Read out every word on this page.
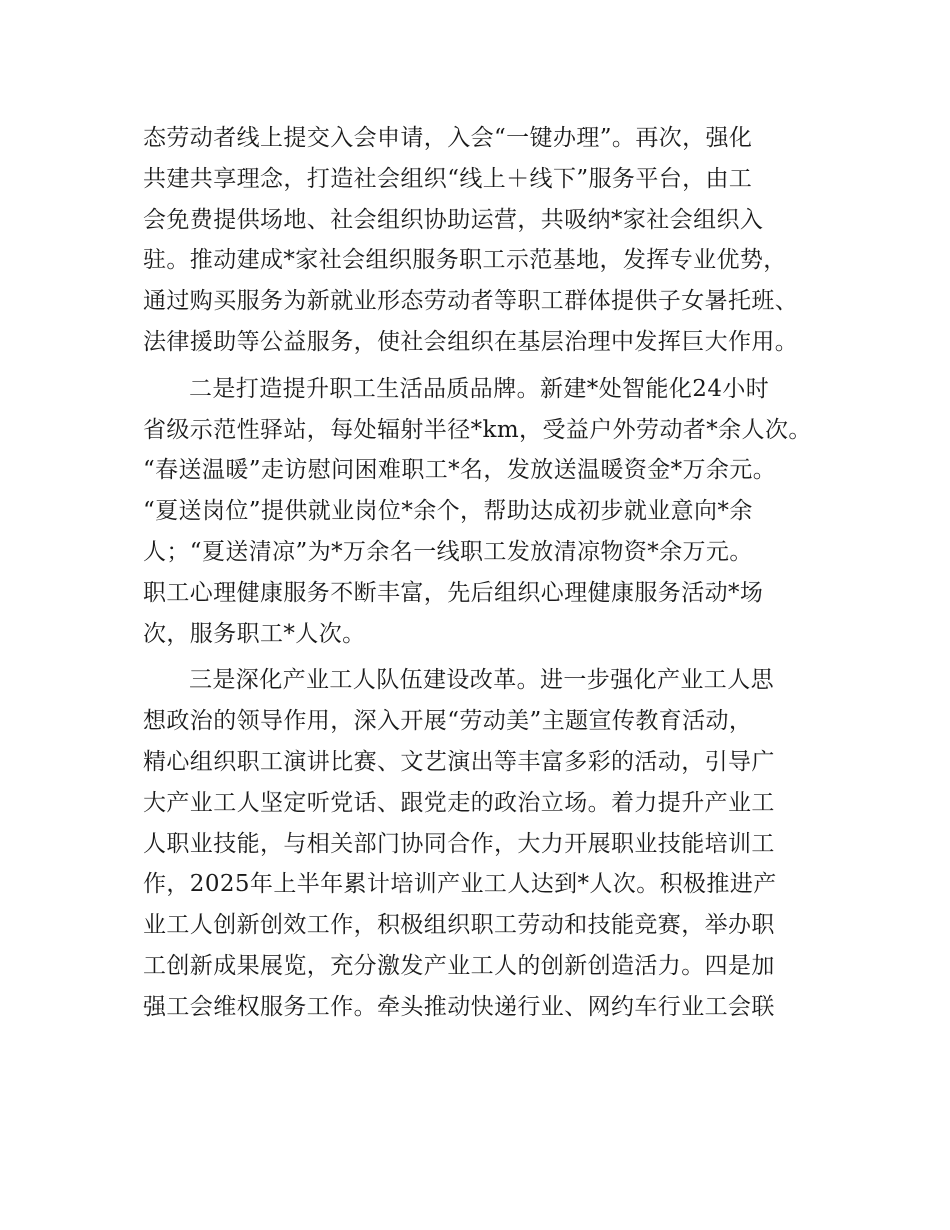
态劳动者线上提交入会申请，入会“一键办理”。再次，强化
共建共享理念，打造社会组织“线上＋线下”服务平台，由工
会免费提供场地、社会组织协助运营，共吸纳*家社会组织入
驻。推动建成*家社会组织服务职工示范基地，发挥专业优势，
通过购买服务为新就业形态劳动者等职工群体提供子女暑托班、
法律援助等公益服务，使社会组织在基层治理中发挥巨大作用。
二是打造提升职工生活品质品牌。新建*处智能化24小时
省级示范性驿站，每处辐射半径*km，受益户外劳动者*余人次。
“春送温暖”走访慰问困难职工*名，发放送温暖资金*万余元。
“夏送岗位”提供就业岗位*余个，帮助达成初步就业意向*余
人；“夏送清凉”为*万余名一线职工发放清凉物资*余万元。
职工心理健康服务不断丰富，先后组织心理健康服务活动*场
次，服务职工*人次。
三是深化产业工人队伍建设改革。进一步强化产业工人思
想政治的领导作用，深入开展“劳动美”主题宣传教育活动，
精心组织职工演讲比赛、文艺演出等丰富多彩的活动，引导广
大产业工人坚定听党话、跟党走的政治立场。着力提升产业工
人职业技能，与相关部门协同合作，大力开展职业技能培训工
作，2025年上半年累计培训产业工人达到*人次。积极推进产
业工人创新创效工作，积极组织职工劳动和技能竞赛，举办职
工创新成果展览，充分激发产业工人的创新创造活力。四是加
强工会维权服务工作。牵头推动快递行业、网约车行业工会联
